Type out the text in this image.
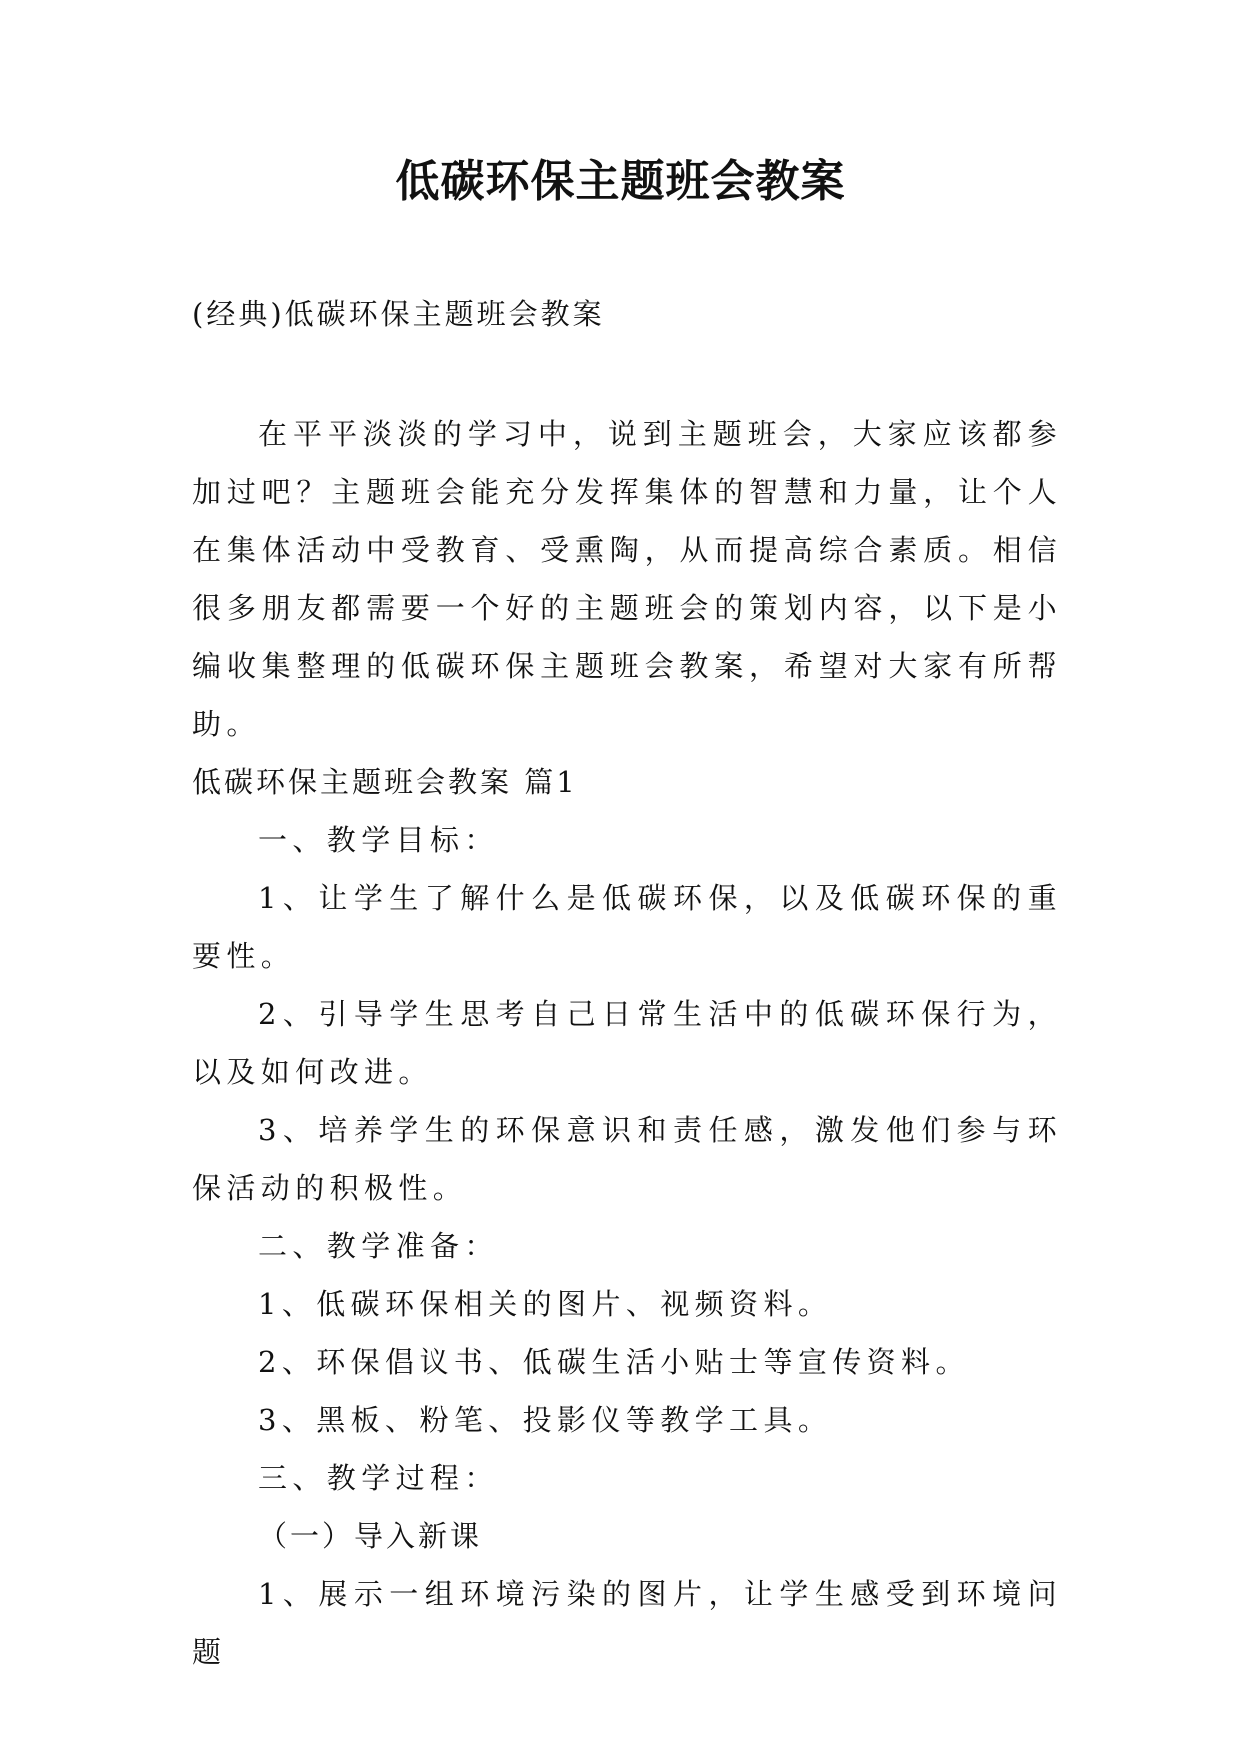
低碳环保主题班会教案

(经典)低碳环保主题班会教案

在平平淡淡的学习中，说到主题班会，大家应该都参加过吧？主题班会能充分发挥集体的智慧和力量，让个人在集体活动中受教育、受熏陶，从而提高综合素质。相信很多朋友都需要一个好的主题班会的策划内容，以下是小编收集整理的低碳环保主题班会教案，希望对大家有所帮助。

低碳环保主题班会教案 篇1

一、教学目标：

1、让学生了解什么是低碳环保，以及低碳环保的重要性。

2、引导学生思考自己日常生活中的低碳环保行为，以及如何改进。

3、培养学生的环保意识和责任感，激发他们参与环保活动的积极性。

二、教学准备：

1、低碳环保相关的图片、视频资料。

2、环保倡议书、低碳生活小贴士等宣传资料。

3、黑板、粉笔、投影仪等教学工具。

三、教学过程：

（一）导入新课

1、展示一组环境污染的图片，让学生感受到环境问题
